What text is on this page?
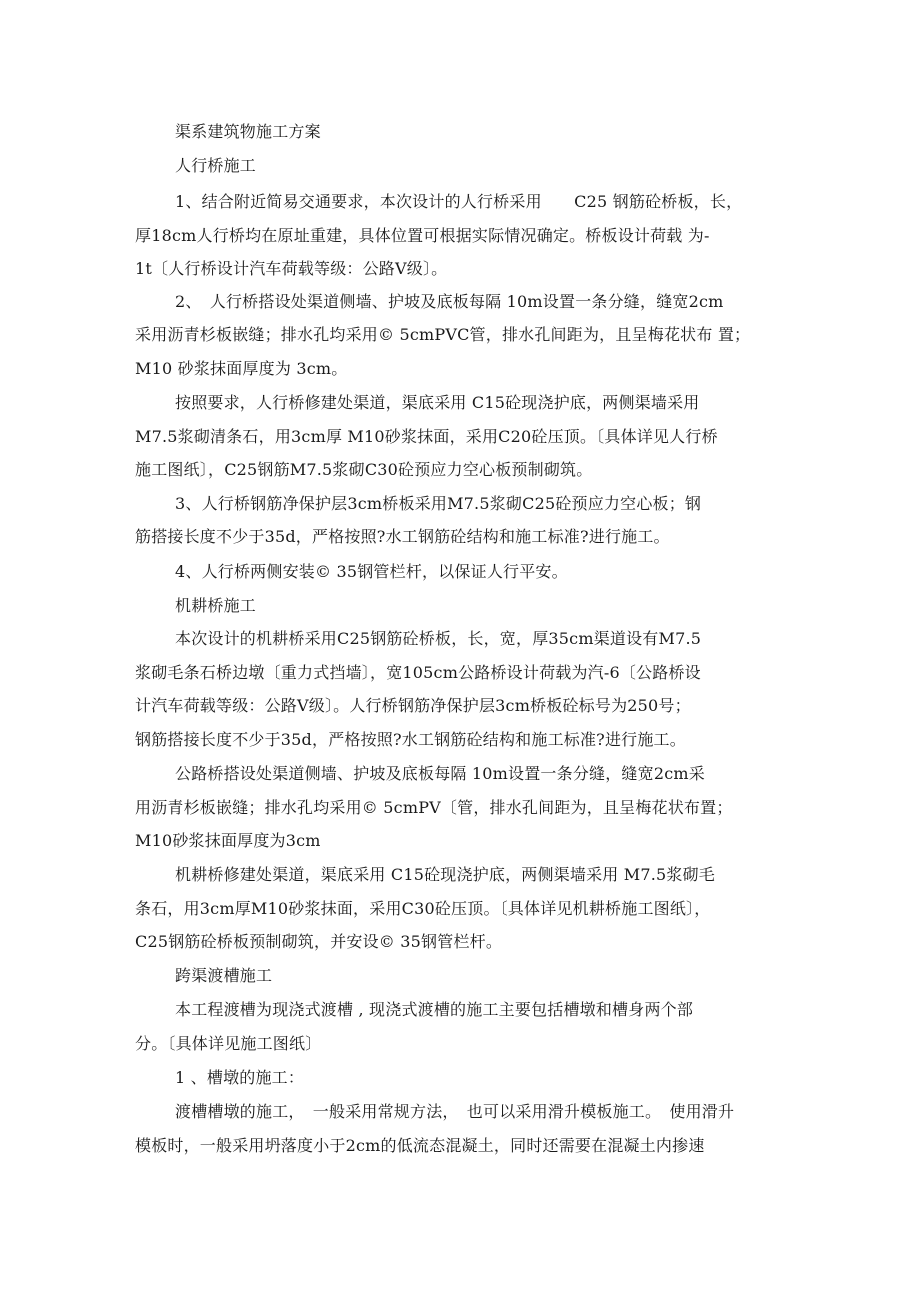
渠系建筑物施工方案
人行桥施工
1、结合附近简易交通要求，本次设计的人行桥采用　　C25 钢筋砼桥板，长，
厚18cm人行桥均在原址重建，具体位置可根据实际情况确定。桥板设计荷载 为-
1t〔人行桥设计汽车荷载等级：公路V级〕。
2、　人行桥搭设处渠道侧墙、护坡及底板每隔 10m设置一条分缝，缝宽2cm
采用沥青杉板嵌缝；排水孔均采用© 5cmPVC管，排水孔间距为，且呈梅花状布 置；
M10 砂浆抹面厚度为 3cm。
按照要求，人行桥修建处渠道，渠底采用 C15砼现浇护底，两侧渠墙采用
M7.5浆砌清条石，用3cm厚 M10砂浆抹面，采用C20砼压顶。〔具体详见人行桥
施工图纸〕，C25钢筋M7.5浆砌C30砼预应力空心板预制砌筑。
3、人行桥钢筋净保护层3cm桥板采用M7.5浆砌C25砼预应力空心板；钢
筋搭接长度不少于35d，严格按照?水工钢筋砼结构和施工标准?进行施工。
4、人行桥两侧安装© 35钢管栏杆，以保证人行平安。
机耕桥施工
本次设计的机耕桥采用C25钢筋砼桥板，长，宽，厚35cm渠道设有M7.5
浆砌毛条石桥边墩〔重力式挡墙〕，宽105cm公路桥设计荷载为汽-6〔公路桥设
计汽车荷载等级：公路V级〕。人行桥钢筋净保护层3cm桥板砼标号为250号；
钢筋搭接长度不少于35d，严格按照?水工钢筋砼结构和施工标准?进行施工。
公路桥搭设处渠道侧墙、护坡及底板每隔 10m设置一条分缝，缝宽2cm采
用沥青杉板嵌缝；排水孔均采用© 5cmPV〔管，排水孔间距为，且呈梅花状布置；
M10砂浆抹面厚度为3cm
机耕桥修建处渠道，渠底采用 C15砼现浇护底，两侧渠墙采用 M7.5浆砌毛
条石，用3cm厚M10砂浆抹面，采用C30砼压顶。〔具体详见机耕桥施工图纸〕，
C25钢筋砼桥板预制砌筑，并安设© 35钢管栏杆。
跨渠渡槽施工
本工程渡槽为现浇式渡槽 , 现浇式渡槽的施工主要包括槽墩和槽身两个部
分。〔具体详见施工图纸〕
1 、槽墩的施工：
渡槽槽墩的施工，　一般采用常规方法，　也可以采用滑升模板施工。　使用滑升
模板时，一般采用坍落度小于2cm的低流态混凝土，同时还需要在混凝土内掺速
